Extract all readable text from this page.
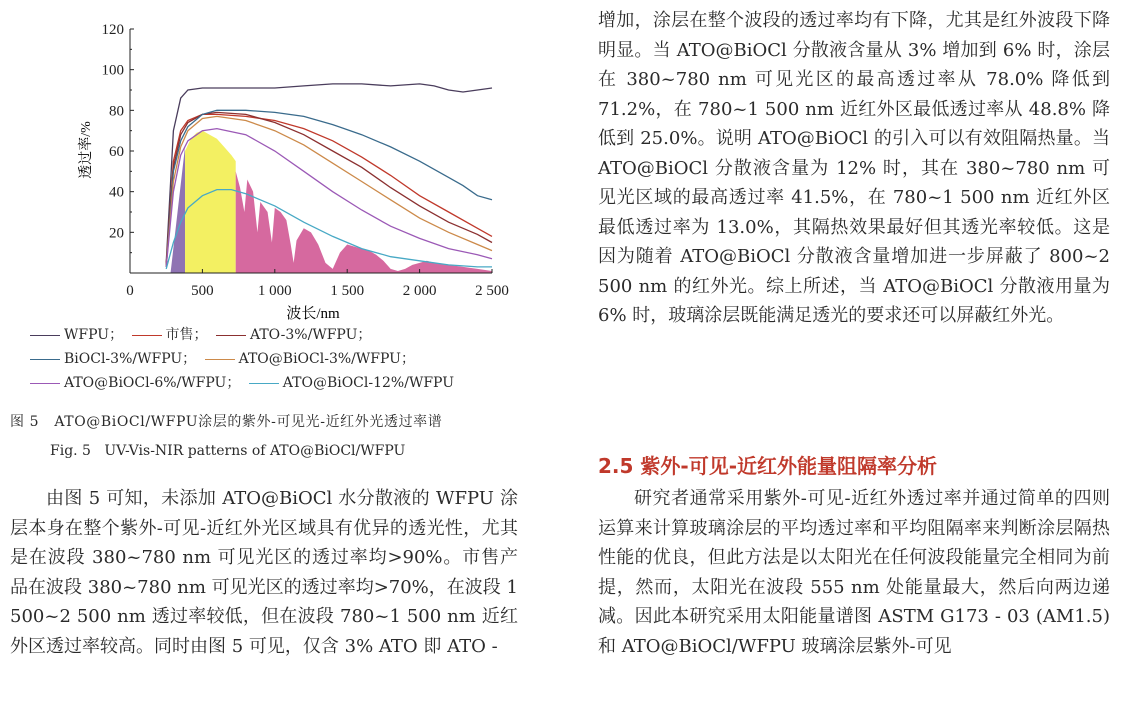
0	500	1 000	1 500	2 000	2 500
20
40
60
80
100
120
波长/nm
透过率/%
WFPU；	市售；	ATO-3%/WFPU；
BiOCl-3%/WFPU；	ATO@BiOCl-3%/WFPU；
ATO@BiOCl-6%/WFPU；	ATO@BiOCl-12%/WFPU
图 5 ATO@BiOCl/WFPU涂层的紫外-可见光-近红外光透过率谱
Fig. 5 UV-Vis-NIR patterns of ATO@BiOCl/WFPU

由图 5 可知，未添加 ATO@BiOCl 水分散液的 WFPU 涂层本身在整个紫外-可见-近红外光区域具有优异的透光性，尤其是在波段 380~780 nm 可见光区的透过率均>90%。市售产品在波段 380~780 nm 可见光区的透过率均>70%，在波段 1 500~2 500 nm 透过率较低，但在波段 780~1 500 nm 近红外区透过率较高。同时由图 5 可见，仅含 3% ATO 即 ATO -

增加，涂层在整个波段的透过率均有下降，尤其是红外波段下降明显。当 ATO@BiOCl 分散液含量从 3% 增加到 6% 时，涂层在 380~780 nm 可见光区的最高透过率从 78.0% 降低到 71.2%，在 780~1 500 nm 近红外区最低透过率从 48.8% 降低到 25.0%。说明 ATO@BiOCl 的引入可以有效阻隔热量。当 ATO@BiOCl 分散液含量为 12% 时，其在 380~780 nm 可见光区域的最高透过率 41.5%，在 780~1 500 nm 近红外区最低透过率为 13.0%，其隔热效果最好但其透光率较低。这是因为随着 ATO@BiOCl 分散液含量增加进一步屏蔽了 800~2 500 nm 的红外光。综上所述，当 ATO@BiOCl 分散液用量为 6% 时，玻璃涂层既能满足透光的要求还可以屏蔽红外光。

2.5 紫外-可见-近红外能量阻隔率分析

研究者通常采用紫外-可见-近红外透过率并通过简单的四则运算来计算玻璃涂层的平均透过率和平均阻隔率来判断涂层隔热性能的优良，但此方法是以太阳光在任何波段能量完全相同为前提，然而，太阳光在波段 555 nm 处能量最大，然后向两边递减。因此本研究采用太阳能量谱图 ASTM G173 - 03 (AM1.5) 和 ATO@BiOCl/WFPU 玻璃涂层紫外-可见
